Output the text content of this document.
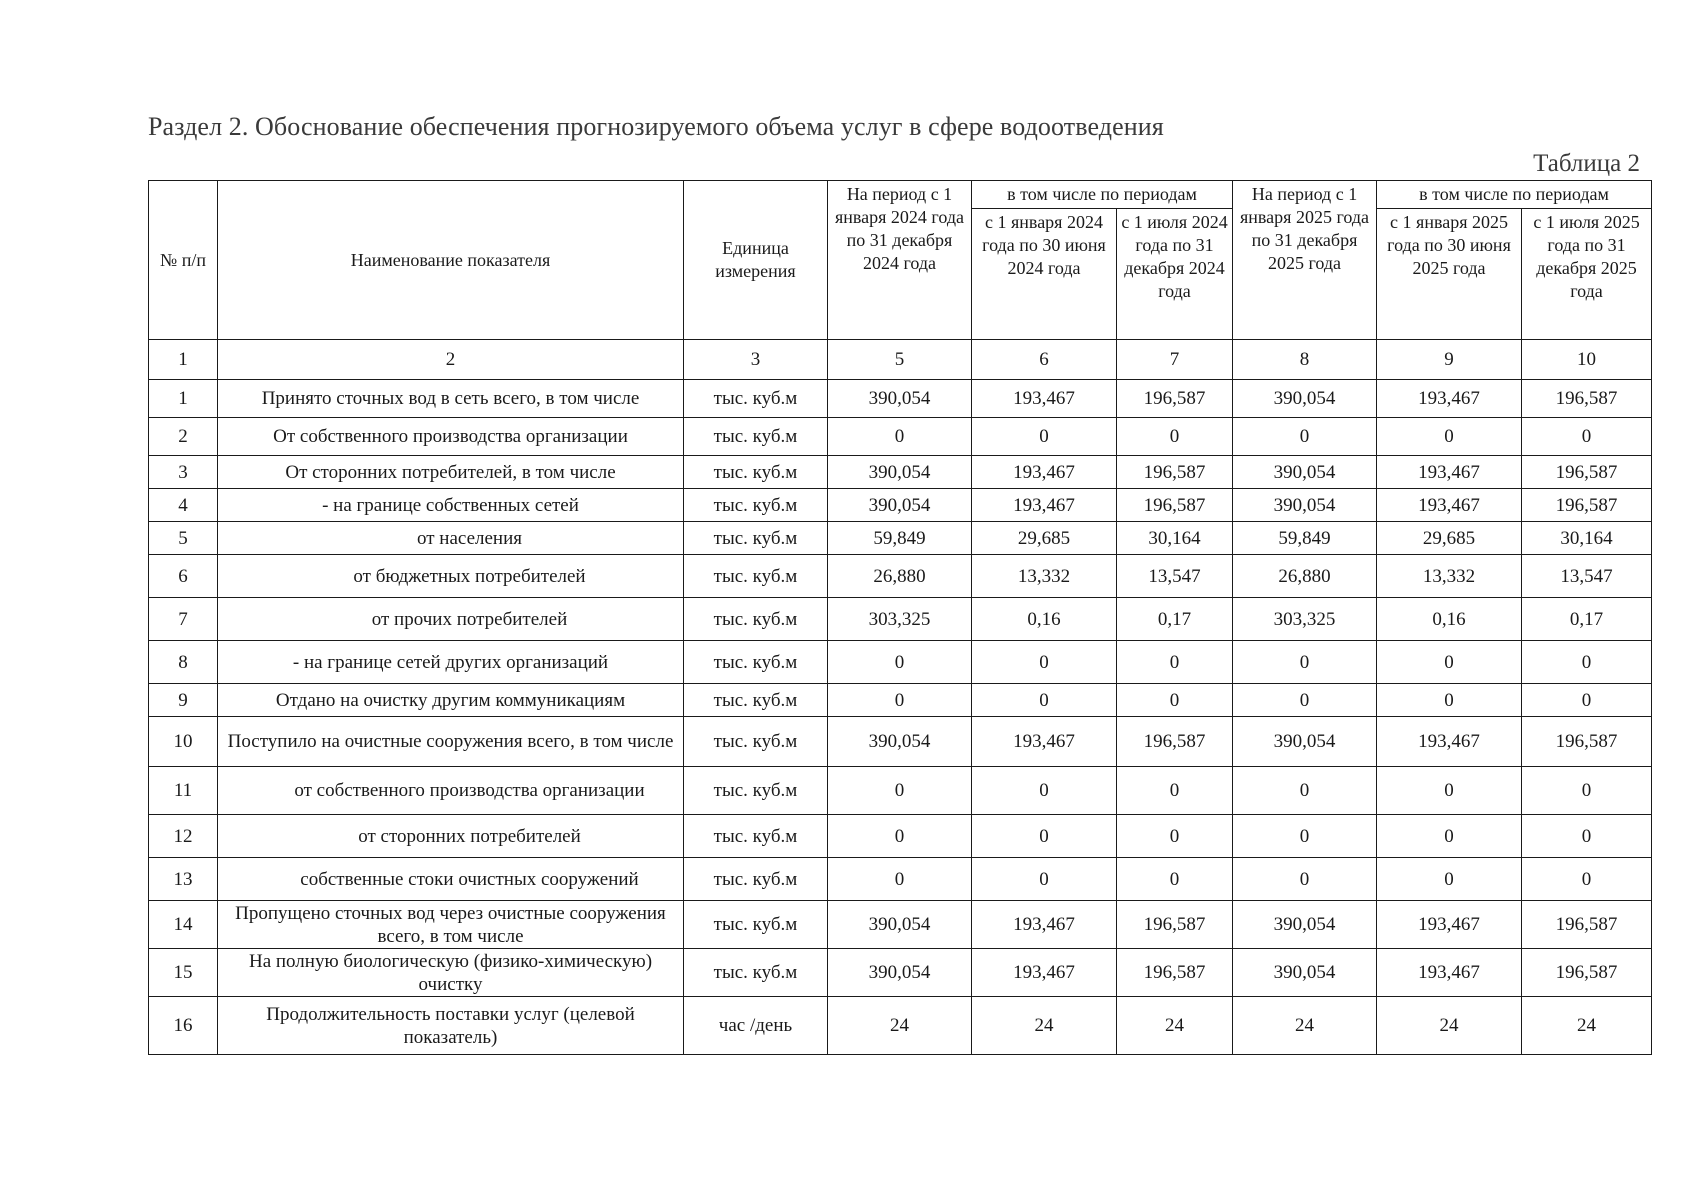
Раздел 2. Обоснование обеспечения прогнозируемого объема услуг в сфере водоотведения
Таблица 2
№ п/п	Наименование показателя	Единица измерения	На период с 1 января 2024 года по 31 декабря 2024 года	в том числе по периодам		На период с 1 января 2025 года по 31 декабря 2025 года	в том числе по периодам	
				с 1 января 2024 года по 30 июня 2024 года	с 1 июля 2024 года по 31 декабря 2024 года		с 1 января 2025 года по 30 июня 2025 года	с 1 июля 2025 года по 31 декабря 2025 года
1	2	3	5	6	7	8	9	10
1	Принято сточных вод в сеть всего, в том числе	тыс. куб.м	390,054	193,467	196,587	390,054	193,467	196,587
2	От собственного производства организации	тыс. куб.м	0	0	0	0	0	0
3	От сторонних потребителей, в том числе	тыс. куб.м	390,054	193,467	196,587	390,054	193,467	196,587
4	- на границе собственных сетей	тыс. куб.м	390,054	193,467	196,587	390,054	193,467	196,587
5	от населения	тыс. куб.м	59,849	29,685	30,164	59,849	29,685	30,164
6	от бюджетных потребителей	тыс. куб.м	26,880	13,332	13,547	26,880	13,332	13,547
7	от прочих потребителей	тыс. куб.м	303,325	0,16	0,17	303,325	0,16	0,17
8	- на границе сетей других организаций	тыс. куб.м	0	0	0	0	0	0
9	Отдано на очистку другим коммуникациям	тыс. куб.м	0	0	0	0	0	0
10	Поступило на очистные сооружения всего, в том числе	тыс. куб.м	390,054	193,467	196,587	390,054	193,467	196,587
11	от собственного производства организации	тыс. куб.м	0	0	0	0	0	0
12	от сторонних потребителей	тыс. куб.м	0	0	0	0	0	0
13	собственные стоки очистных сооружений	тыс. куб.м	0	0	0	0	0	0
14	Пропущено сточных вод через очистные сооружения всего, в том числе	тыс. куб.м	390,054	193,467	196,587	390,054	193,467	196,587
15	На полную биологическую (физико-химическую) очистку	тыс. куб.м	390,054	193,467	196,587	390,054	193,467	196,587
16	Продолжительность поставки услуг (целевой показатель)	час /день	24	24	24	24	24	24
